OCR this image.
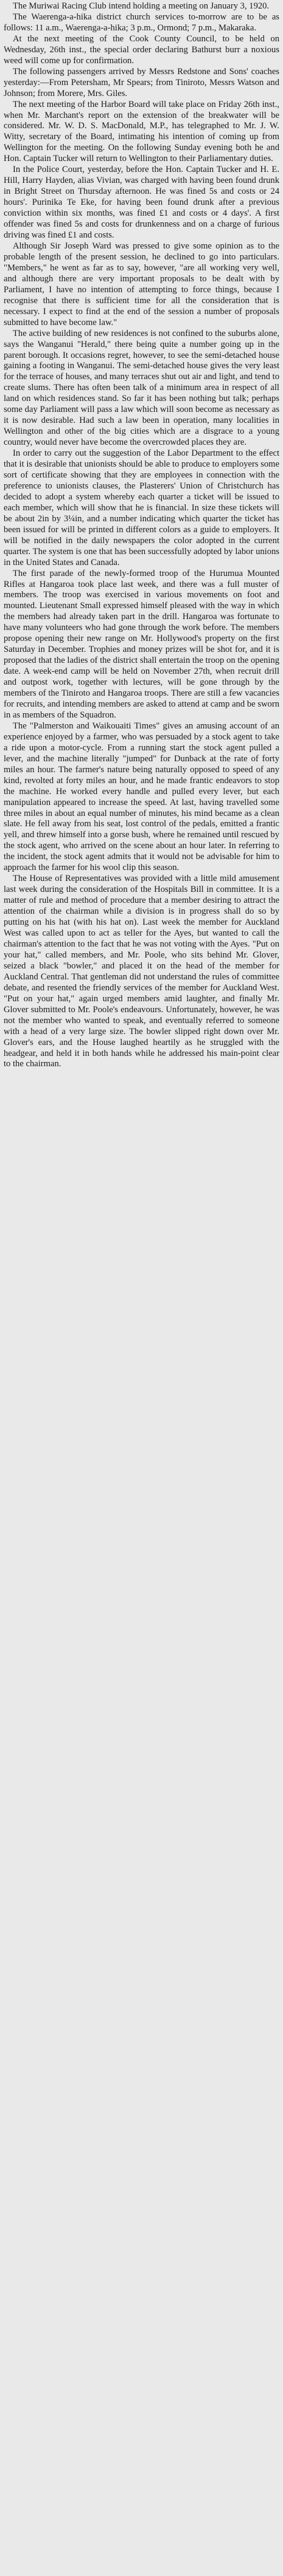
The Muriwai Racing Club intend holding a meeting on January 3, 1920.

The Waerenga-a-hika district church services to-morrow are to be as follows: 11 a.m., Waerenga-a-hika; 3 p.m., Ormond; 7 p.m., Makaraka.

At the next meeting of the Cook County Council, to be held on Wednesday, 26th inst., the special order declaring Bathurst burr a noxious weed will come up for confirmation.

The following passengers arrived by Messrs Redstone and Sons' coaches yesterday:—From Petersham, Mr Spears; from Tiniroto, Messrs Watson and Johnson; from Morere, Mrs. Giles.

The next meeting of the Harbor Board will take place on Friday 26th inst., when Mr. Marchant's report on the extension of the breakwater will be considered. Mr. W. D. S. MacDonald, M.P., has telegraphed to Mr. J. W. Witty, secretary of the Board, intimating his intention of coming up from Wellington for the meeting. On the following Sunday evening both he and Hon. Captain Tucker will return to Wellington to their Parliamentary duties.

In the Police Court, yesterday, before the Hon. Captain Tucker and H. E. Hill, Harry Hayden, alias Vivian, was charged with having been found drunk in Bright Street on Thursday afternoon. He was fined 5s and costs or 24 hours'. Purinika Te Eke, for having been found drunk after a previous conviction within six months, was fined £1 and costs or 4 days'. A first offender was fined 5s and costs for drunkenness and on a charge of furious driving was fined £1 and costs.

Although Sir Joseph Ward was pressed to give some opinion as to the probable length of the present session, he declined to go into particulars. "Members," he went as far as to say, however, "are all working very well, and although there are very important proposals to be dealt with by Parliament, I have no intention of attempting to force things, because I recognise that there is sufficient time for all the consideration that is necessary. I expect to find at the end of the session a number of proposals submitted to have become law."

The active building of new residences is not confined to the suburbs alone, says the Wanganui "Herald," there being quite a number going up in the parent borough. It occasions regret, however, to see the semi-detached house gaining a footing in Wanganui. The semi-detached house gives the very least for the terrace of houses, and many terraces shut out air and light, and tend to create slums. There has often been talk of a minimum area in respect of all land on which residences stand. So far it has been nothing but talk; perhaps some day Parliament will pass a law which will soon become as necessary as it is now desirable. Had such a law been in operation, many localities in Wellington and other of the big cities which are a disgrace to a young country, would never have become the overcrowded places they are.

In order to carry out the suggestion of the Labor Department to the effect that it is desirable that unionists should be able to produce to employers some sort of certificate showing that they are employees in connection with the preference to unionists clauses, the Plasterers' Union of Christchurch has decided to adopt a system whereby each quarter a ticket will be issued to each member, which will show that he is financial. In size these tickets will be about 2in by 3¼in, and a number indicating which quarter the ticket has been issued for will be printed in different colors as a guide to employers. It will be notified in the daily newspapers the color adopted in the current quarter. The system is one that has been successfully adopted by labor unions in the United States and Canada.

The first parade of the newly-formed troop of the Hurumua Mounted Rifles at Hangaroa took place last week, and there was a full muster of members. The troop was exercised in various movements on foot and mounted. Lieutenant Small expressed himself pleased with the way in which the members had already taken part in the drill. Hangaroa was fortunate to have many volunteers who had gone through the work before. The members propose opening their new range on Mr. Hollywood's property on the first Saturday in December. Trophies and money prizes will be shot for, and it is proposed that the ladies of the district shall entertain the troop on the opening date. A week-end camp will be held on November 27th, when recruit drill and outpost work, together with lectures, will be gone through by the members of the Tiniroto and Hangaroa troops. There are still a few vacancies for recruits, and intending members are asked to attend at camp and be sworn in as members of the Squadron.

The "Palmerston and Waikouaiti Times" gives an amusing account of an experience enjoyed by a farmer, who was persuaded by a stock agent to take a ride upon a motor-cycle. From a running start the stock agent pulled a lever, and the machine literally "jumped" for Dunback at the rate of forty miles an hour. The farmer's nature being naturally opposed to speed of any kind, revolted at forty miles an hour, and he made frantic endeavors to stop the machine. He worked every handle and pulled every lever, but each manipulation appeared to increase the speed. At last, having travelled some three miles in about an equal number of minutes, his mind became as a clean slate. He fell away from his seat, lost control of the pedals, emitted a frantic yell, and threw himself into a gorse bush, where he remained until rescued by the stock agent, who arrived on the scene about an hour later. In referring to the incident, the stock agent admits that it would not be advisable for him to approach the farmer for his wool clip this season.

The House of Representatives was provided with a little mild amusement last week during the consideration of the Hospitals Bill in committee. It is a matter of rule and method of procedure that a member desiring to attract the attention of the chairman while a division is in progress shall do so by putting on his hat (with his hat on). Last week the member for Auckland West was called upon to act as teller for the Ayes, but wanted to call the chairman's attention to the fact that he was not voting with the Ayes. "Put on your hat," called members, and Mr. Poole, who sits behind Mr. Glover, seized a black "bowler," and placed it on the head of the member for Auckland Central. That gentleman did not understand the rules of committee debate, and resented the friendly services of the member for Auckland West. "Put on your hat," again urged members amid laughter, and finally Mr. Glover submitted to Mr. Poole's endeavours. Unfortunately, however, he was not the member who wanted to speak, and eventually referred to someone with a head of a very large size. The bowler slipped right down over Mr. Glover's ears, and the House laughed heartily as he struggled with the headgear, and held it in both hands while he addressed his main-point clear to the chairman.
